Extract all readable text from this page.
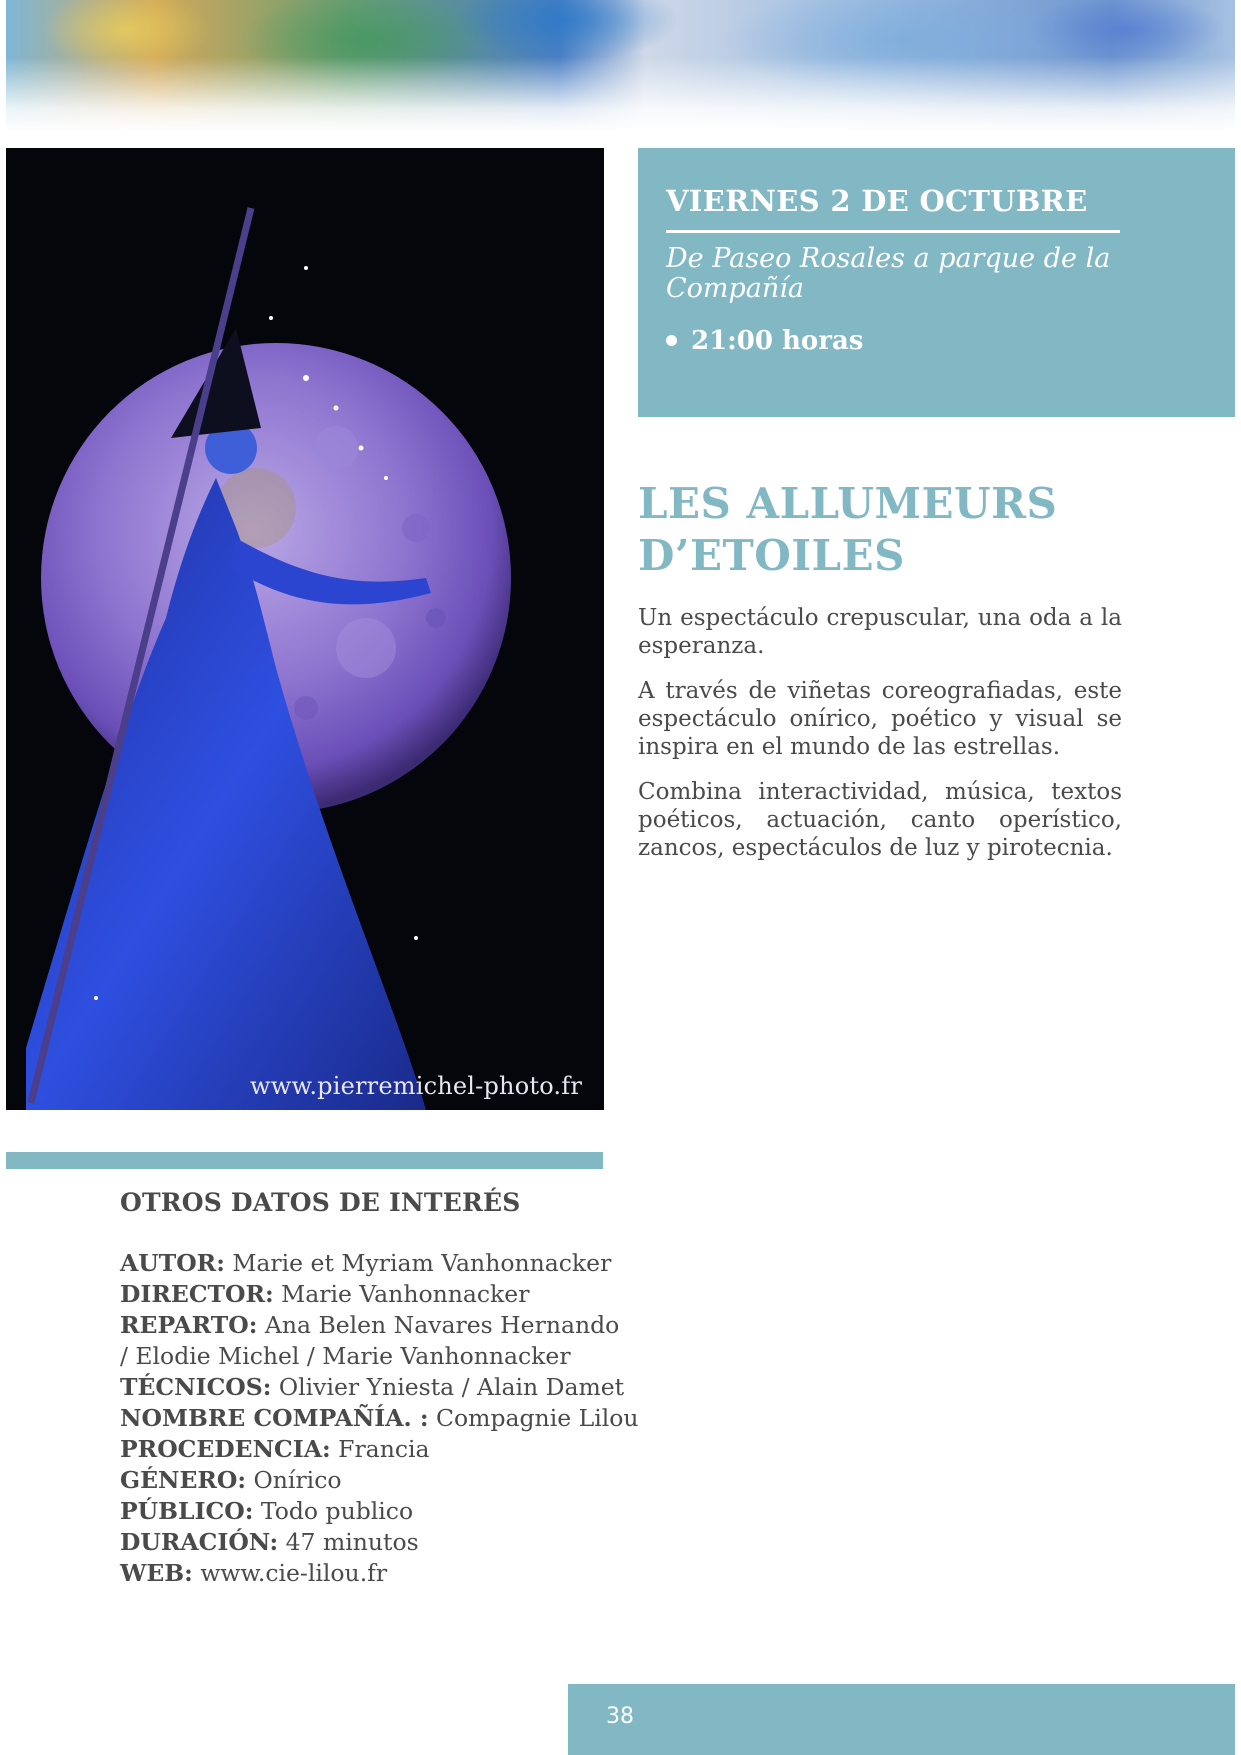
www.pierremichel-photo.fr
VIERNES 2 DE OCTUBRE
De Paseo Rosales a parque de la Compañía
21:00 horas
LES ALLUMEURS
D’ETOILES

Un espectáculo crepuscular, una oda a la esperanza.

A través de viñetas coreografiadas, este espectáculo onírico, poético y visual se inspira en el mundo de las estrellas.

Combina interactividad, música, textos poéticos, actuación, canto operístico, zancos, espectáculos de luz y pirotecnia.

OTROS DATOS DE INTERÉS
AUTOR: Marie et Myriam Vanhonnacker
DIRECTOR: Marie Vanhonnacker
REPARTO: Ana Belen Navares Hernando / Elodie Michel / Marie Vanhonnacker
TÉCNICOS: Olivier Yniesta / Alain Damet
NOMBRE COMPAÑÍA. : Compagnie Lilou
PROCEDENCIA: Francia
GÉNERO: Onírico
PÚBLICO: Todo publico
DURACIÓN: 47 minutos
WEB: www.cie-lilou.fr
38
